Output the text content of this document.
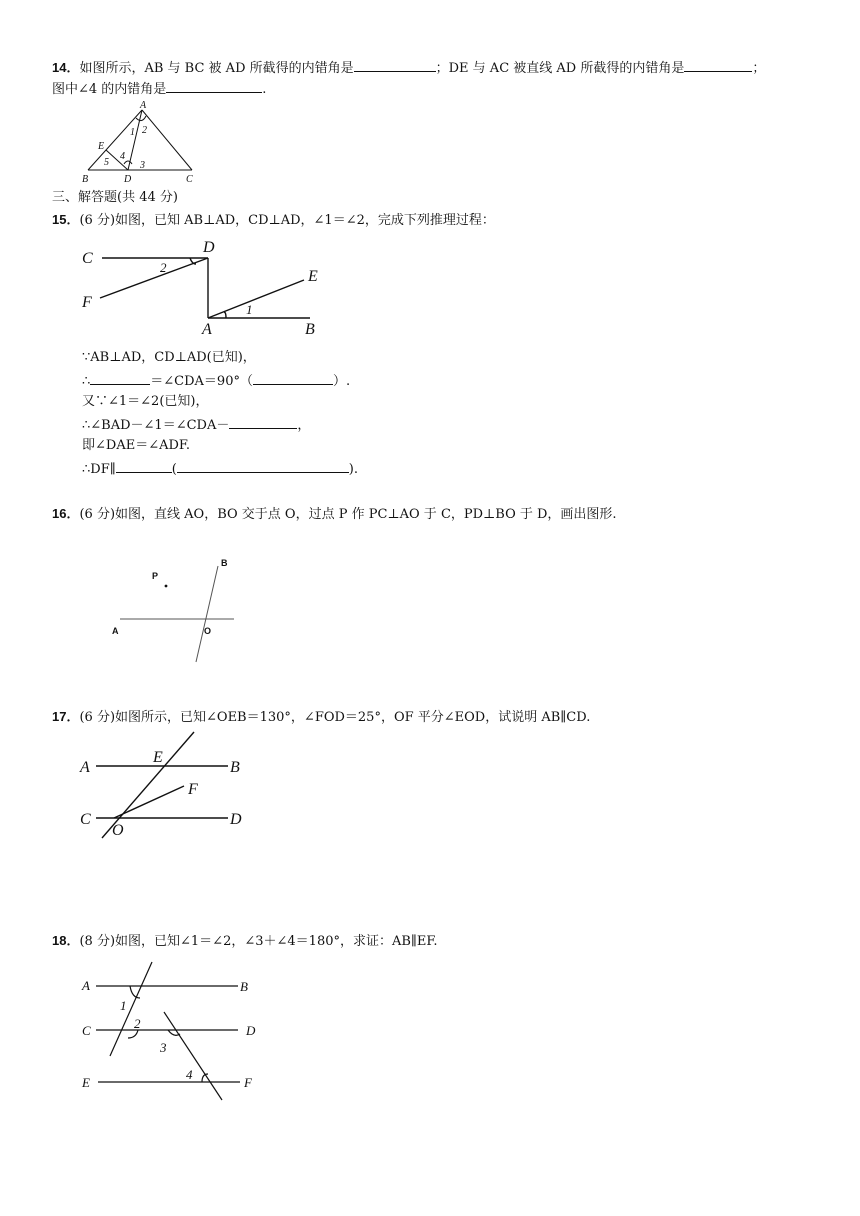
14．如图所示，AB 与 BC 被 AD 所截得的内错角是	；DE 与 AC 被直线 AD 所截得的内错角是	；
图中∠4 的内错角是	.
A
B	C
D
E
1 2
3
4
5
三、解答题(共 44 分)
15．(6 分)如图，已知 AB⊥AD，CD⊥AD，∠1＝∠2，完成下列推理过程：
C
D
E
F
A	B
1
2
∵AB⊥AD，CD⊥AD(已知)，
∴	＝∠CDA＝90°（	）.
又∵∠1＝∠2(已知)，
∴∠BAD－∠1＝∠CDA－	，
即∠DAE＝∠ADF.
∴DF∥	(	).
16．(6 分)如图，直线 AO，BO 交于点 O，过点 P 作 PC⊥AO 于 C，PD⊥BO 于 D，画出图形.
P
B
A	O
17．(6 分)如图所示，已知∠OEB＝130°，∠FOD＝25°，OF 平分∠EOD，试说明 AB∥CD.
A
E
B
F
C
O
D
18．(8 分)如图，已知∠1＝∠2，∠3＋∠4＝180°，求证：AB∥EF.
A	B
C	D
E	F
1
2
3
4
